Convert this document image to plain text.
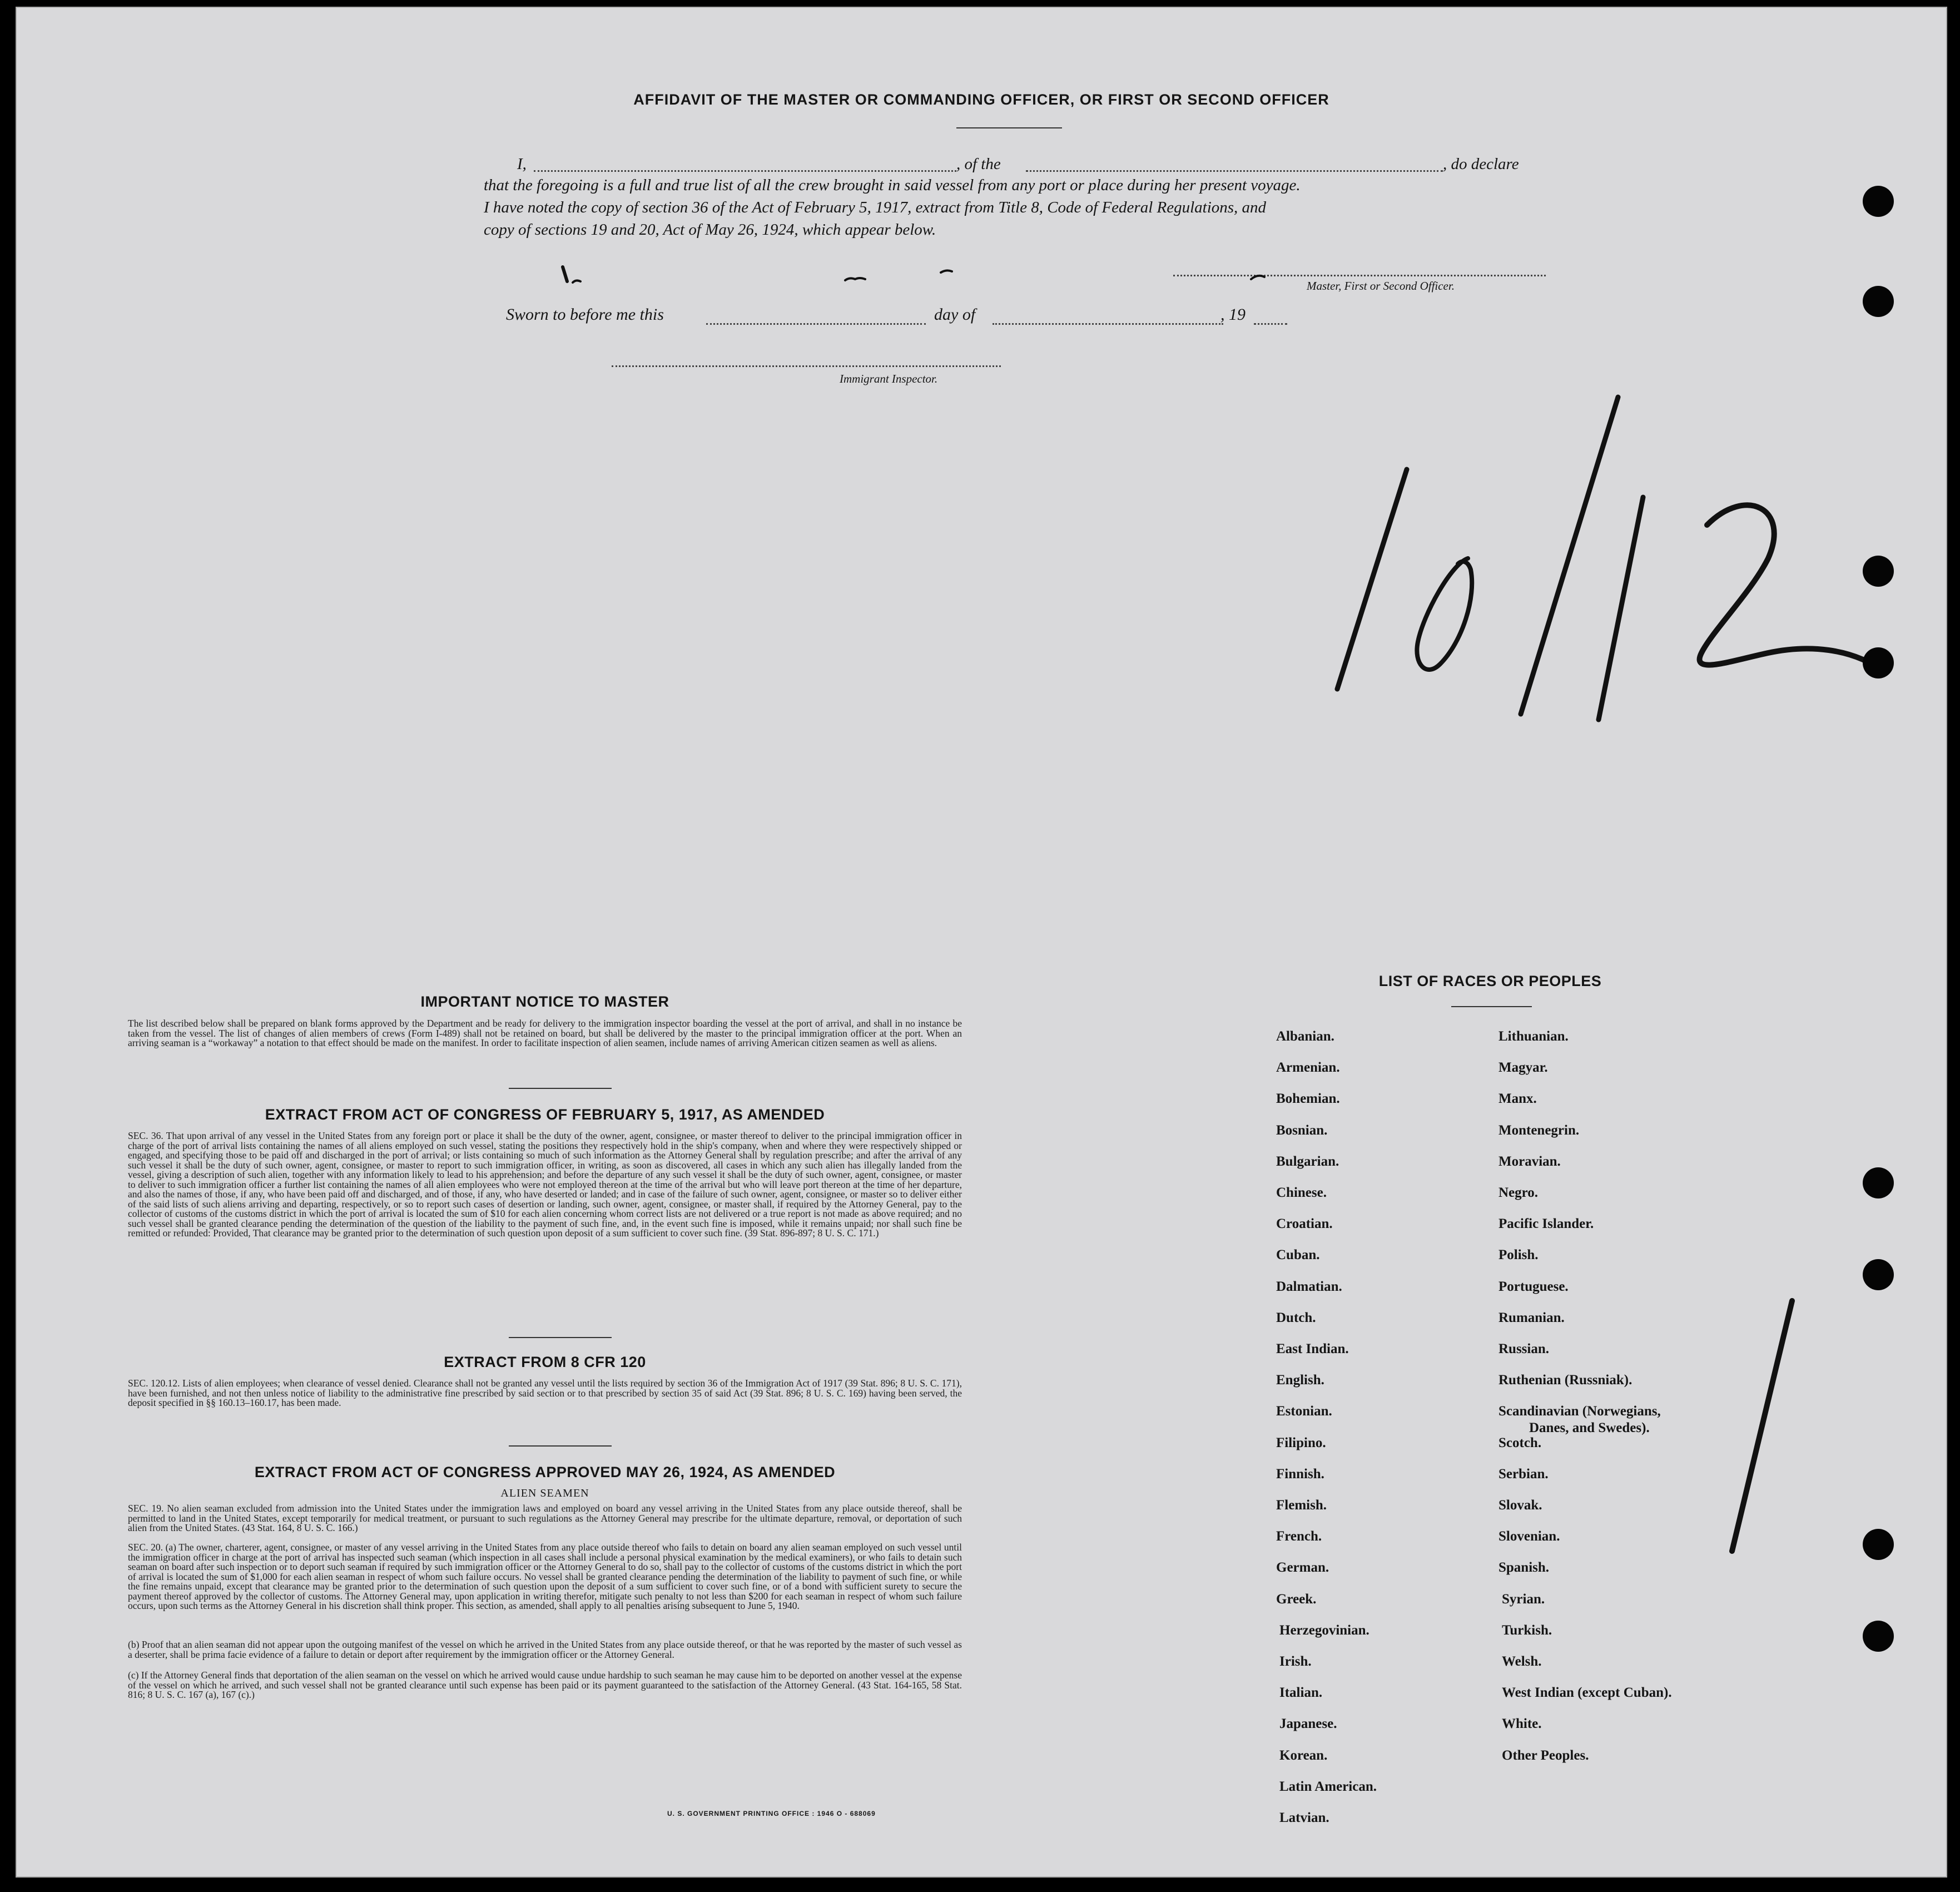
AFFIDAVIT OF THE MASTER OR COMMANDING OFFICER, OR FIRST OR SECOND OFFICER
I,	, of the	, do declare
that the foregoing is a full and true list of all the crew brought in said vessel from any port or place during her present voyage.
I have noted the copy of section 36 of the Act of February 5, 1917, extract from Title 8, Code of Federal Regulations, and
copy of sections 19 and 20, Act of May 26, 1924, which appear below.
Master, First or Second Officer.
Sworn to before me this	day of	, 19
Immigrant Inspector.
IMPORTANT NOTICE TO MASTER
The list described below shall be prepared on blank forms approved by the Department and be ready for delivery to the immigration inspector boarding the vessel at the port of arrival, and shall in no instance be taken from the vessel. The list of changes of alien members of crews (Form I-489) shall not be retained on board, but shall be delivered by the master to the principal immigration officer at the port. When an arriving seaman is a “workaway” a notation to that effect should be made on the manifest. In order to facilitate inspection of alien seamen, include names of arriving American citizen seamen as well as aliens.
EXTRACT FROM ACT OF CONGRESS OF FEBRUARY 5, 1917, AS AMENDED
SEC. 36. That upon arrival of any vessel in the United States from any foreign port or place it shall be the duty of the owner, agent, consignee, or master thereof to deliver to the principal immigration officer in charge of the port of arrival lists containing the names of all aliens employed on such vessel, stating the positions they respectively hold in the ship's company, when and where they were respectively shipped or engaged, and specifying those to be paid off and discharged in the port of arrival; or lists containing so much of such information as the Attorney General shall by regulation prescribe; and after the arrival of any such vessel it shall be the duty of such owner, agent, consignee, or master to report to such immigration officer, in writing, as soon as discovered, all cases in which any such alien has illegally landed from the vessel, giving a description of such alien, together with any information likely to lead to his apprehension; and before the departure of any such vessel it shall be the duty of such owner, agent, consignee, or master to deliver to such immigration officer a further list containing the names of all alien employees who were not employed thereon at the time of the arrival but who will leave port thereon at the time of her departure, and also the names of those, if any, who have been paid off and discharged, and of those, if any, who have deserted or landed; and in case of the failure of such owner, agent, consignee, or master so to deliver either of the said lists of such aliens arriving and departing, respectively, or so to report such cases of desertion or landing, such owner, agent, consignee, or master shall, if required by the Attorney General, pay to the collector of customs of the customs district in which the port of arrival is located the sum of $10 for each alien concerning whom correct lists are not delivered or a true report is not made as above required; and no such vessel shall be granted clearance pending the determination of the question of the liability to the payment of such fine, and, in the event such fine is imposed, while it remains unpaid; nor shall such fine be remitted or refunded: Provided, That clearance may be granted prior to the determination of such question upon deposit of a sum sufficient to cover such fine. (39 Stat. 896-897; 8 U. S. C. 171.)
EXTRACT FROM 8 CFR 120
SEC. 120.12. Lists of alien employees; when clearance of vessel denied. Clearance shall not be granted any vessel until the lists required by section 36 of the Immigration Act of 1917 (39 Stat. 896; 8 U. S. C. 171), have been furnished, and not then unless notice of liability to the administrative fine prescribed by said section or to that prescribed by section 35 of said Act (39 Stat. 896; 8 U. S. C. 169) having been served, the deposit specified in §§ 160.13–160.17, has been made.
EXTRACT FROM ACT OF CONGRESS APPROVED MAY 26, 1924, AS AMENDED
ALIEN SEAMEN
SEC. 19. No alien seaman excluded from admission into the United States under the immigration laws and employed on board any vessel arriving in the United States from any place outside thereof, shall be permitted to land in the United States, except temporarily for medical treatment, or pursuant to such regulations as the Attorney General may prescribe for the ultimate departure, removal, or deportation of such alien from the United States. (43 Stat. 164, 8 U. S. C. 166.)
SEC. 20. (a) The owner, charterer, agent, consignee, or master of any vessel arriving in the United States from any place outside thereof who fails to detain on board any alien seaman employed on such vessel until the immigration officer in charge at the port of arrival has inspected such seaman (which inspection in all cases shall include a personal physical examination by the medical examiners), or who fails to detain such seaman on board after such inspection or to deport such seaman if required by such immigration officer or the Attorney General to do so, shall pay to the collector of customs of the customs district in which the port of arrival is located the sum of $1,000 for each alien seaman in respect of whom such failure occurs. No vessel shall be granted clearance pending the determination of the liability to payment of such fine, or while the fine remains unpaid, except that clearance may be granted prior to the determination of such question upon the deposit of a sum sufficient to cover such fine, or of a bond with sufficient surety to secure the payment thereof approved by the collector of customs. The Attorney General may, upon application in writing therefor, mitigate such penalty to not less than $200 for each seaman in respect of whom such failure occurs, upon such terms as the Attorney General in his discretion shall think proper. This section, as amended, shall apply to all penalties arising subsequent to June 5, 1940.
(b) Proof that an alien seaman did not appear upon the outgoing manifest of the vessel on which he arrived in the United States from any place outside thereof, or that he was reported by the master of such vessel as a deserter, shall be prima facie evidence of a failure to detain or deport after requirement by the immigration officer or the Attorney General.
(c) If the Attorney General finds that deportation of the alien seaman on the vessel on which he arrived would cause undue hardship to such seaman he may cause him to be deported on another vessel at the expense of the vessel on which he arrived, and such vessel shall not be granted clearance until such expense has been paid or its payment guaranteed to the satisfaction of the Attorney General. (43 Stat. 164-165, 58 Stat. 816; 8 U. S. C. 167 (a), 167 (c).)
U. S. GOVERNMENT PRINTING OFFICE : 1946 O - 688069
LIST OF RACES OR PEOPLES
Albanian.
Armenian.
Bohemian.
Bosnian.
Bulgarian.
Chinese.
Croatian.
Cuban.
Dalmatian.
Dutch.
East Indian.
English.
Estonian.
Filipino.
Finnish.
Flemish.
French.
German.
Greek.
Herzegovinian.
Irish.
Italian.
Japanese.
Korean.
Latin American.
Latvian.
Lithuanian.
Magyar.
Manx.
Montenegrin.
Moravian.
Negro.
Pacific Islander.
Polish.
Portuguese.
Rumanian.
Russian.
Ruthenian (Russniak).
Scandinavian (Norwegians,
Danes, and Swedes).
Scotch.
Serbian.
Slovak.
Slovenian.
Spanish.
Syrian.
Turkish.
Welsh.
West Indian (except Cuban).
White.
Other Peoples.
